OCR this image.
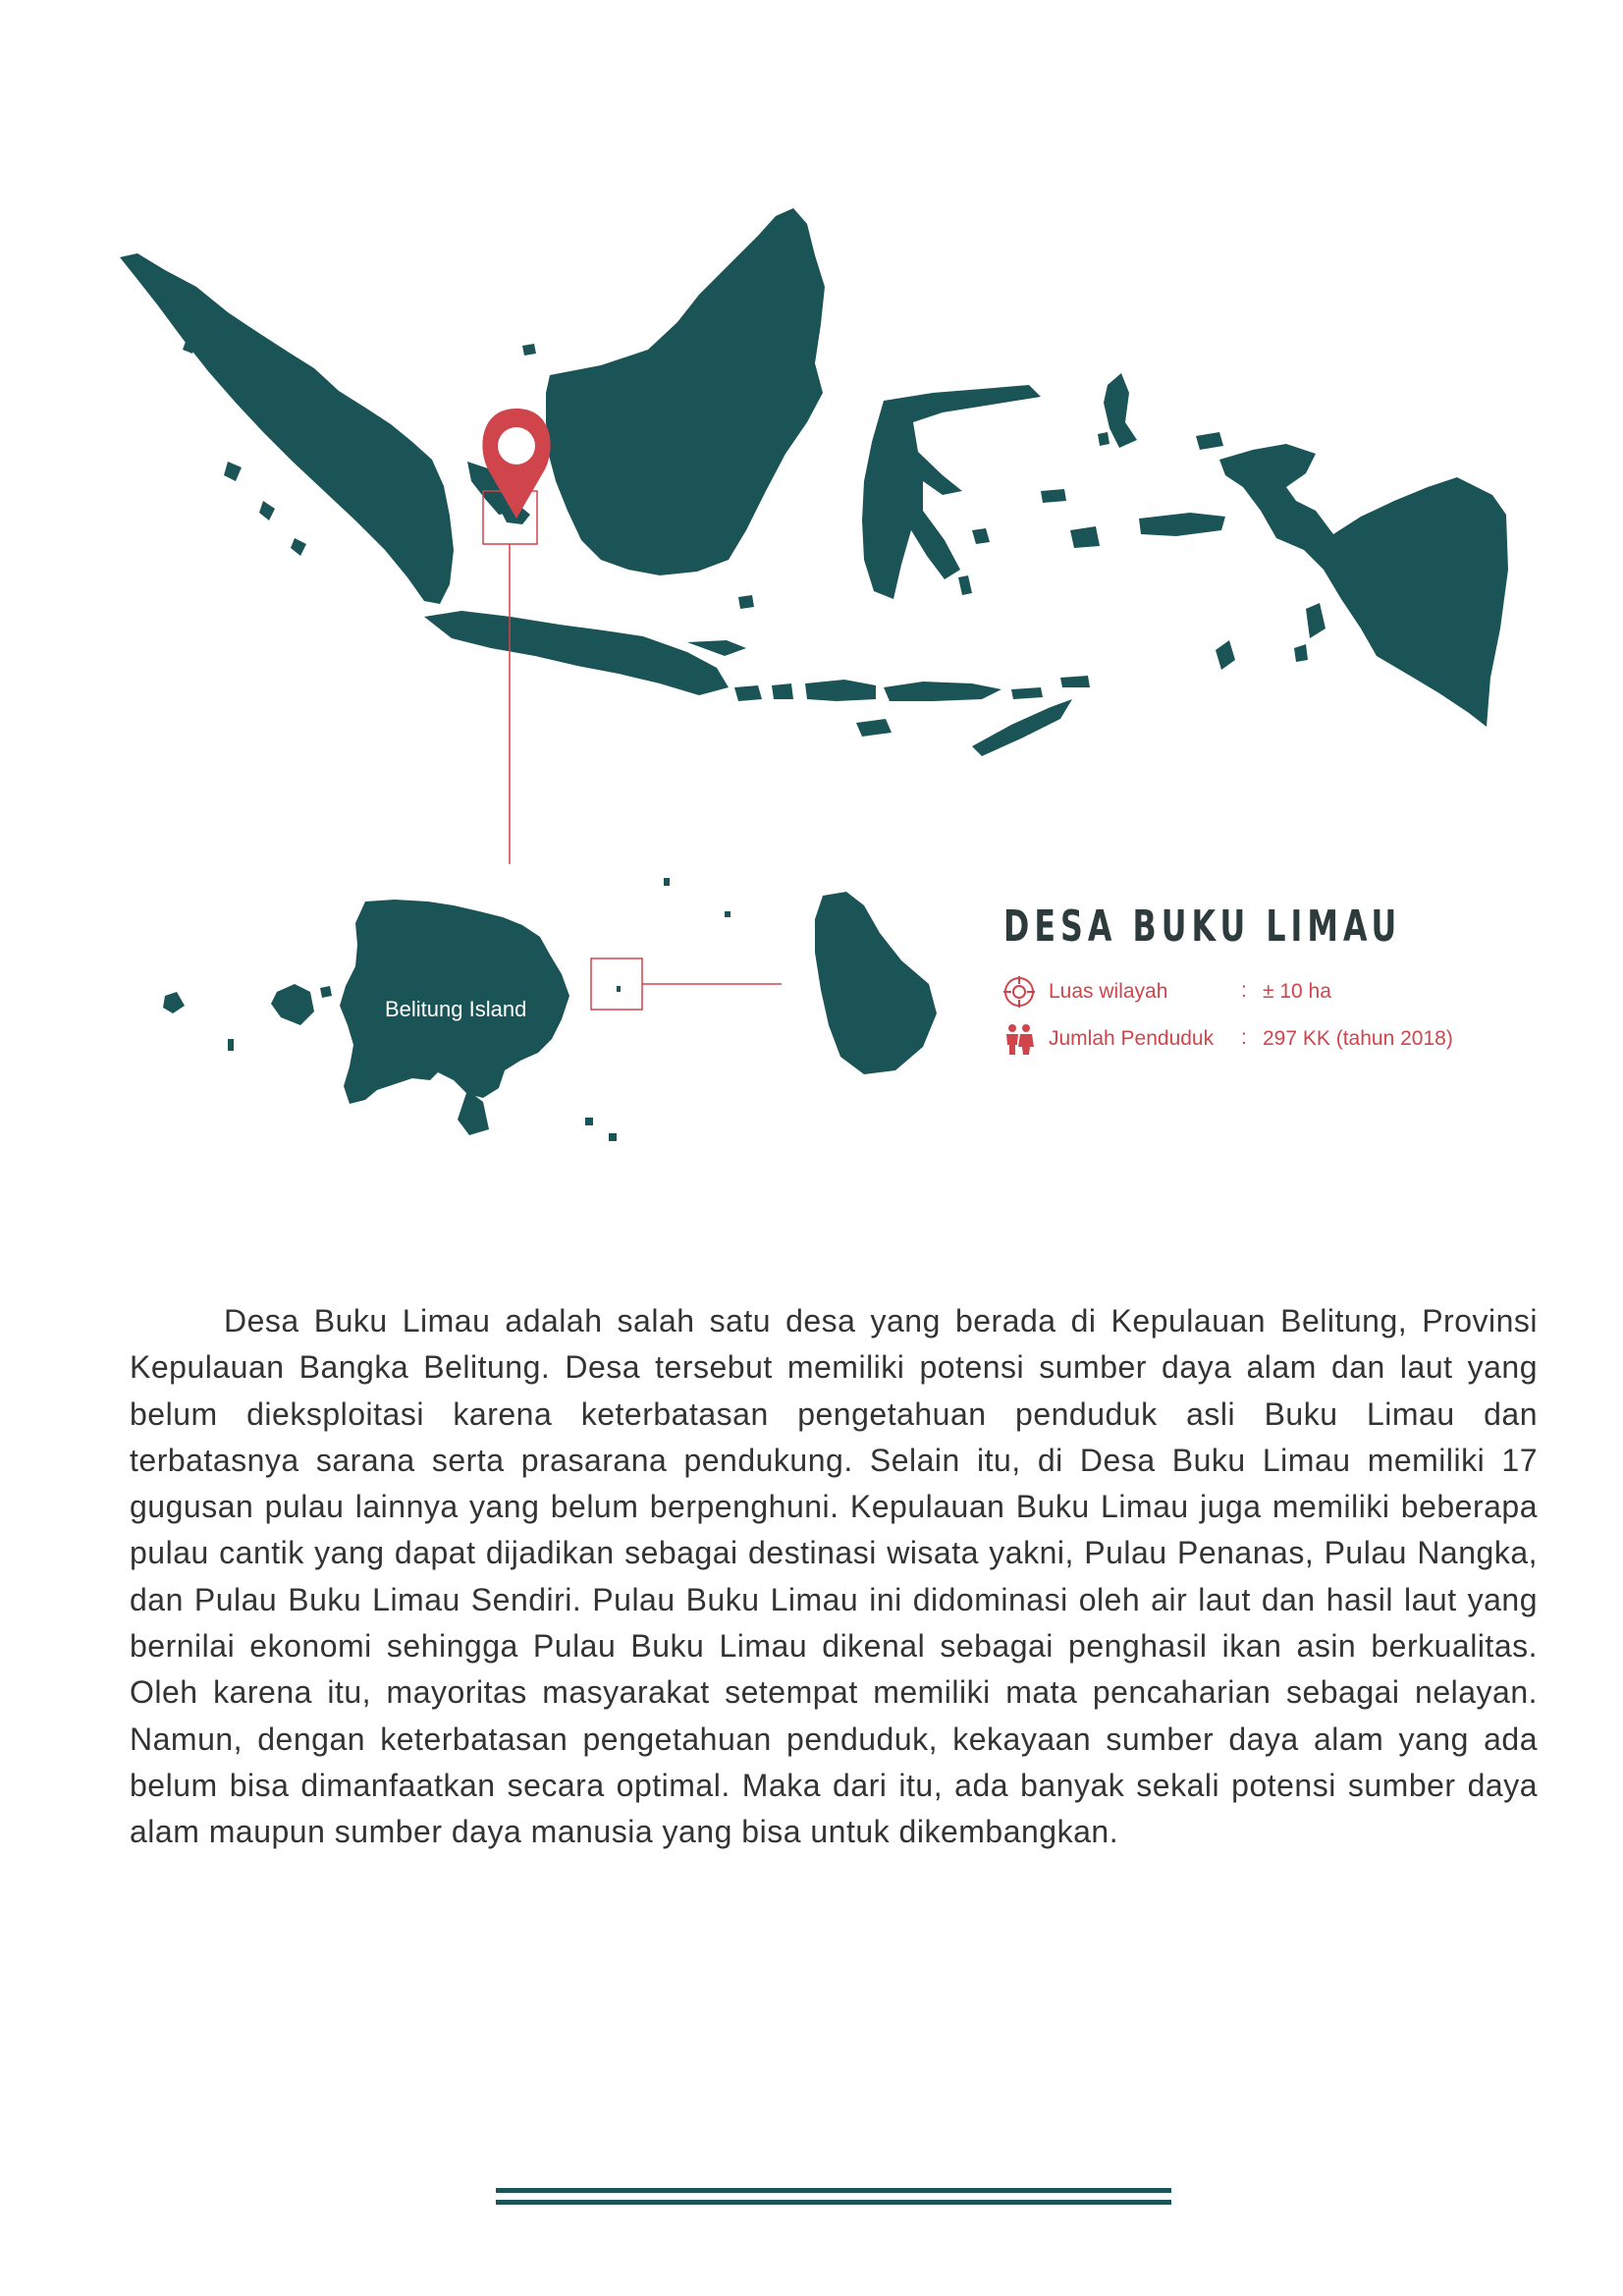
Belitung Island
DESA BUKU LIMAU
Luas wilayah	: ± 10 ha
Jumlah Penduduk : 297 KK (tahun 2018)

Desa Buku Limau adalah salah satu desa yang berada di Kepulauan Belitung, Provinsi Kepulauan Bangka Belitung. Desa tersebut memiliki potensi sumber daya alam dan laut yang belum dieksploitasi karena keterbatasan pengetahuan penduduk asli Buku Limau dan terbatasnya sarana serta prasarana pendukung. Selain itu, di Desa Buku Limau memiliki 17 gugusan pulau lainnya yang belum berpenghuni. Kepulauan Buku Limau juga memiliki beberapa pulau cantik yang dapat dijadikan sebagai destinasi wisata yakni, Pulau Penanas, Pulau Nangka, dan Pulau Buku Limau Sendiri. Pulau Buku Limau ini didominasi oleh air laut dan hasil laut yang bernilai ekonomi sehingga Pulau Buku Limau dikenal sebagai penghasil ikan asin berkualitas. Oleh karena itu, mayoritas masyarakat setempat memiliki mata pencaharian sebagai nelayan. Namun, dengan keterbatasan pengetahuan penduduk, kekayaan sumber daya alam yang ada belum bisa dimanfaatkan secara optimal. Maka dari itu, ada banyak sekali potensi sumber daya alam maupun sumber daya manusia yang bisa untuk dikembangkan.
